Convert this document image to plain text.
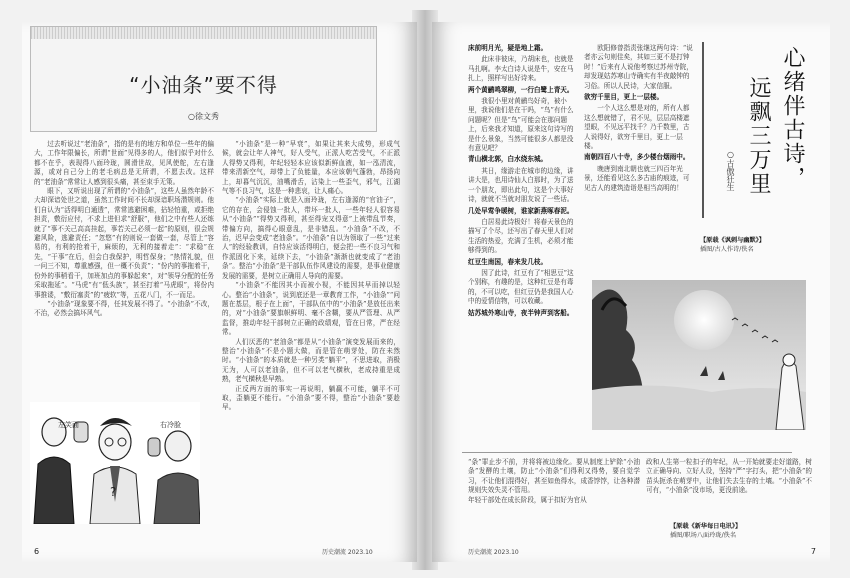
“小油条”要不得
○徐文秀

过去听说过“老油条”，指的是有的地方和单位一些年的偏大，工作年限偏长，所谓“世面”见得多的人，他们似乎对什么都不在乎，表现得八面玲珑，圆滑世故，见风使舵，左右逢源，或对自己分上的老毛病总是无所谓，不愿去改。这样的“老油条”常常让人感到很头痛，甚至束手无策。

眼下，又听说出现了所谓的“小油条”，这些人虽然年龄不大却深谙处世之道，虽然工作时间不长却深谙职场潜规则。他们自认为“活得明白通透”，常常逃避困难，拈轻怕重，或拒绝担责，敷衍应付，不求上进但求“舒服”，他们之中有些人还练就了“事不关己高高挂起，事若关己必须一起”的原则，很会规避风险，逃避责任；“忽悠”有的则说一套做一套，尽管上“容易的，有利的抢着干，麻烦的，无利的接着走”：“求稳”在先，“干事”在后，但会白我保护，明哲保身；“热情礼貌，但一问三不知，尊重感强，但一概不负责”；“份内的事拖着干，份外的事稍看干，加班加点的事躲起来”，对“领导分配的任务采取拖延”。“马虎”有“低头族”，甚至打着“马虎眼”，将份内事推诿，“敷衍塞责”的“疲软”等，五花八门，不一而足。

“小油条”现象要不得，任其发展不得了。“小油条”不改，不治，必然会搞坏风气。

“小油条”是一种“早衰”，如果让其来大成势，形成气候，就会让年人神气，好人受气，正派人吃苦受气，不正派人得势又得利，年纪轻轻本应该似新鲜血液，如一泓清流，带来清新空气，却带上了负能量，本应该朝气蓬勃，昂扬向上，却暮气沉沉，油嘴滑舌，沾染上一些歪气，邪气，江湖气等不良习气，这是一种悲哀，让人痛心。

“小油条”实际上就是入面玲珑，左右逢源的“官油子”，它的存在，会侵蚀一批人，带坏一批人，一些年轻人很容易从“小油条”“得势又得利，甚至得宠又得意”上被带乱节奏，带偏方向，搞得心眼意乱，是非错乱。“小油条”不改，不治，迟早会变成“老油条”。“小油条”自以为领取了一些“过来人”的经验教训，自恃应该活得明白，便会把一些不良习气和作派固化下来，延续下去，“小油条”渐渐也就变成了“老油条”。整治“小油条”是干部队伍作风建设的需要，是事业健康发展的需要，是树立正确用人导向的需要。

“小油条”不能因其小而被小视，不能因其早而掉以轻心。整治“小油条”，说到底还是一章教育工作，“小油条”“问题在基层，根子在上面”，干部队伍中的“小油条”是放任出来的，对“小油条”要旗帜鲜明、毫不含糊，要从严管理、从严监督，推动年轻干部树立正确的政绩观，管在日常，严在经常。

人们厌恶的“老油条”都是从“小油条”演变发展而来的，整治“小油条”不是小题大做，而是管在萌芽处，防在未然时。“小油条”的本质就是一种另类“躺平”，不思进取，消极无为，人可以老油条，但不可以老气横秋，老成持重是成熟，老气横秋是早熟。

正反两方面的事实一再说明，躺赢不可能，躺平不可取，歪躺更不能行。“小油条”要不得，整治“小油条”要趁早。

?
左笑面	右冷脸
6	历史潮流 2023.10

床前明月光，疑是地上霜。

此床非彼床，乃胡床也，也就是马扎啊。李太白诗人说是牛，安在马扎上，照样写出好诗来。

两个黄鹂鸣翠柳，一行白鹭上青天。

我很小里对黄鹂鸟好奇，被小里，我说他们是在干吗，“鸟”有什么问题呢？但是“鸟”可能会在那问题上，后来我才知道，原来这句诗写的是什么景象，当然可能很多人都是没有意见吧？

青山横北郭，白水绕东城。

其日，缘游走在城市的边缘，讲讲大是，也用诗仙人白那时，为了送一个朋友，即出此句，这是个大事好诗，就就不当就对朋友说了一些话。

几处早莺争暖树，谁家新燕啄春泥。

白居易此诗极好！将春天景色的描写了个尽，还写出了春天里人们对生活的热爱，充满了生机，必须才能够得到的。

红豆生南国，春来发几枝。

因了此诗，红豆有了“相思豆”这个别称，有趣的是，这种红豆是有毒的，不可以吃，但红豆仍是我国人心中的爱情信物，可以收藏。

姑苏城外寒山寺，夜半钟声到客船。

欧阳修曾指责张继这两句诗：“说者亦云句则佳矣，其如三更不是打钟时！”后来有人说他考察过苏州寺院，却发现姑苏寒山寺确实有半夜敲钟的习俗。所以人民诗，大家信服。

欲穷千里目，更上一层楼。

一个人这么想是对的，所有人都这么想就错了，君不见，层层高楼遮望眼，不见远平找千？乃千数里，古人说得好，欲穷千里目，更上一层楼。

南朝四百八十寺，多少楼台烟雨中。

晚唐到南北朝也就三四百年光景，还能看见这么多古庙的痕迹，可见古人的建筑造诣是相当高明的！	心绪伴古诗，
远飘三万里
○古傲狂生
【原载《讽刺与幽默》】
插图/古人作诗/佚名
“条”罪止步不前，并将将被边缘化。要从制度上铲除“小油条”发酵的土壤，防止“小油条”们得利又得势，要自觉学习，不让他们混得好，甚至如鱼得水，成香饽饽，让各种潜规则失效失灵不管用。
年轻干部处在成长阶段，属于扣好为官从
政和人生第一粒扣子的年纪，从一开始就要走好道路，树立正确导向、立好人设，坚持“严”字打头，把“小油条”的苗头扼杀在萌芽中，让他们失去生存的土壤。“小油条”不可有，“小油条”没市场，更没前途。
【原载《新华每日电讯》】
插图/职场八面玲珑/佚名
历史潮流 2023.10	7
